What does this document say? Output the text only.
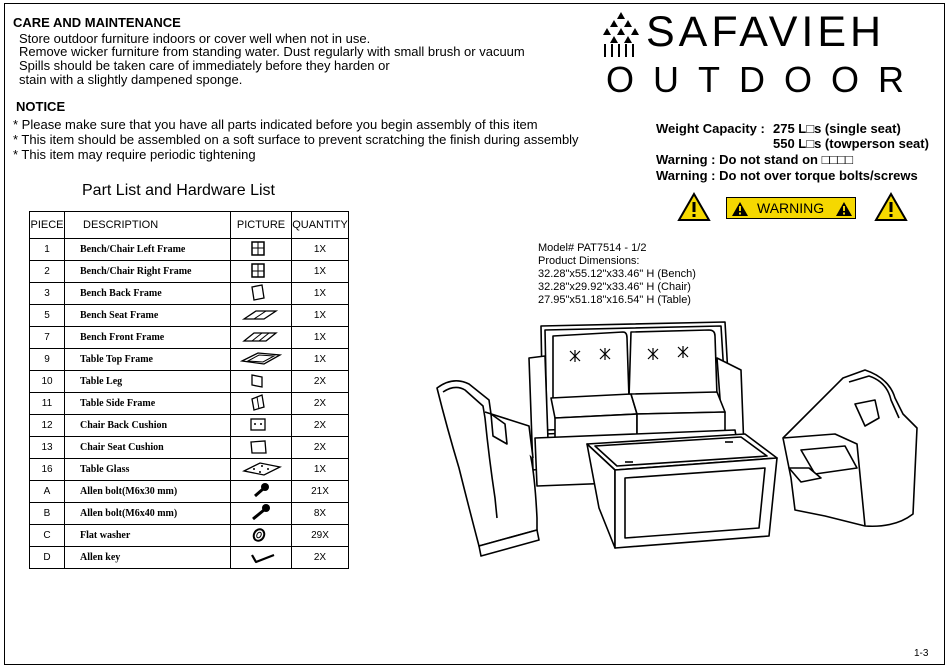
CARE AND MAINTENANCE
Store outdoor furniture indoors or cover well when not in use.
Remove wicker furniture from standing water. Dust regularly with small brush or vacuum
Spills should be taken care of immediately before they harden or
stain with a slightly dampened sponge.
NOTICE
* Please make sure that you have all parts indicated before you begin assembly of this item
* This item should be assembled on a soft surface to prevent scratching the finish during assembly
* This item may require periodic tightening
SAFAVIEH
OUTDOOR
Weight Capacity : 275 L□s (single seat)
550 L□s (towperson seat)
Warning : Do not stand on □□□□
Warning : Do not over torque bolts/screws
WARNING
Part List and Hardware List
PIECE	DESCRIPTION	PICTURE	QUANTITY
1	Bench/Chair Left Frame		1X
2	Bench/Chair Right Frame		1X
3	Bench Back Frame		1X
5	Bench Seat Frame		1X
7	Bench Front Frame		1X
9	Table Top Frame		1X
10	Table Leg		2X
11	Table Side Frame		2X
12	Chair Back Cushion		2X
13	Chair Seat Cushion		2X
16	Table Glass		1X
A	Allen bolt(M6x30 mm)		21X
B	Allen bolt(M6x40 mm)		8X
C	Flat washer		29X
D	Allen key		2X
Model# PAT7514 - 1/2
Product Dimensions:
32.28"x55.12"x33.46" H (Bench)
32.28"x29.92"x33.46" H (Chair)
27.95"x51.18"x16.54" H (Table)
1-3
